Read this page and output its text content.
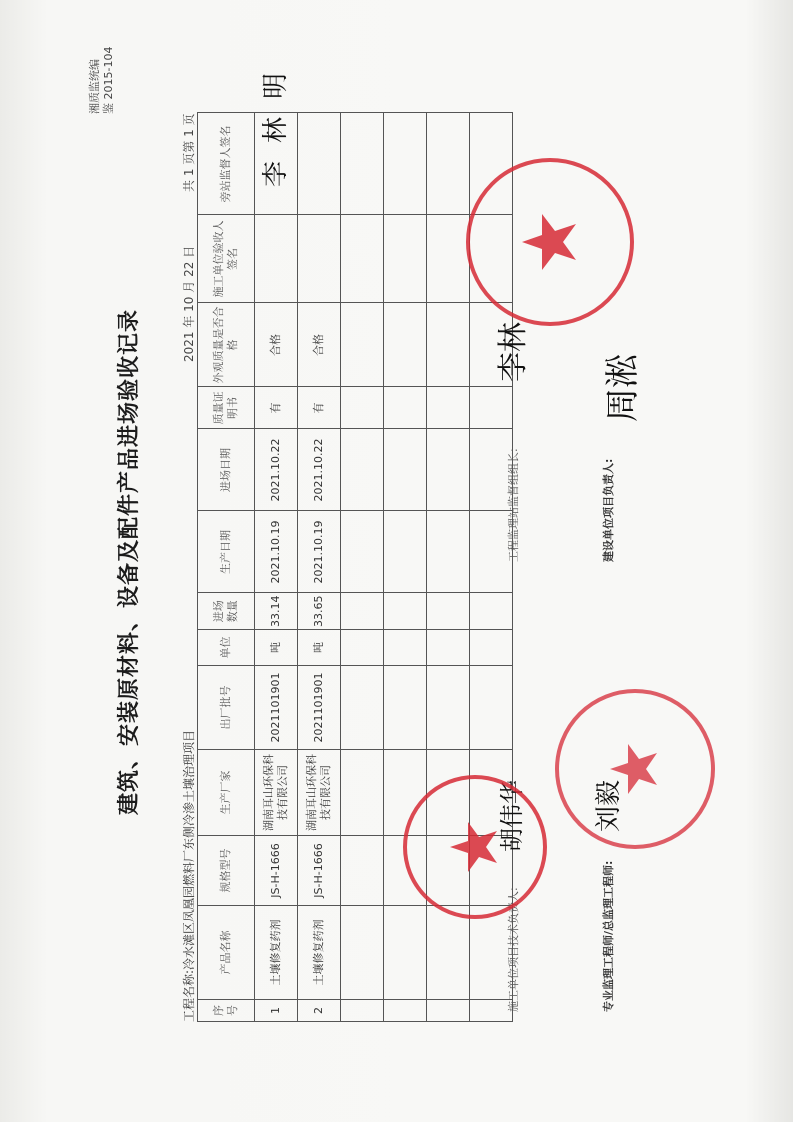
湘质监统编 鉴 2015-104
建筑、安装原材料、设备及配件产品进场验收记录
工程名称:冷水滩区凤凰园燃料厂东侧冷渗土壤治理项目
2021 年 10 月 22 日
共 1 页第 1 页
序号	产品名称	规格型号	生产厂家	出厂批号	单位	进场数量	生产日期	进场日期	质量证明书	外观质量是否合格	施工单位验收人签名	旁站监督人签名
1	土壤修复药剂	JS-H-1666	湖南耳山环保科技有限公司	2021101901	吨	33.14	2021.10.19	2021.10.22	有	合格		
2	土壤修复药剂	JS-H-1666	湖南耳山环保科技有限公司	2021101901	吨	33.65	2021.10.19	2021.10.22	有	合格		

李林明
施工单位项目技术负责人:
胡伟华
工程监理站监督组组长:
李林
专业监理工程师/总监理工程师:
刘毅
建设单位项目负责人:
周淞
